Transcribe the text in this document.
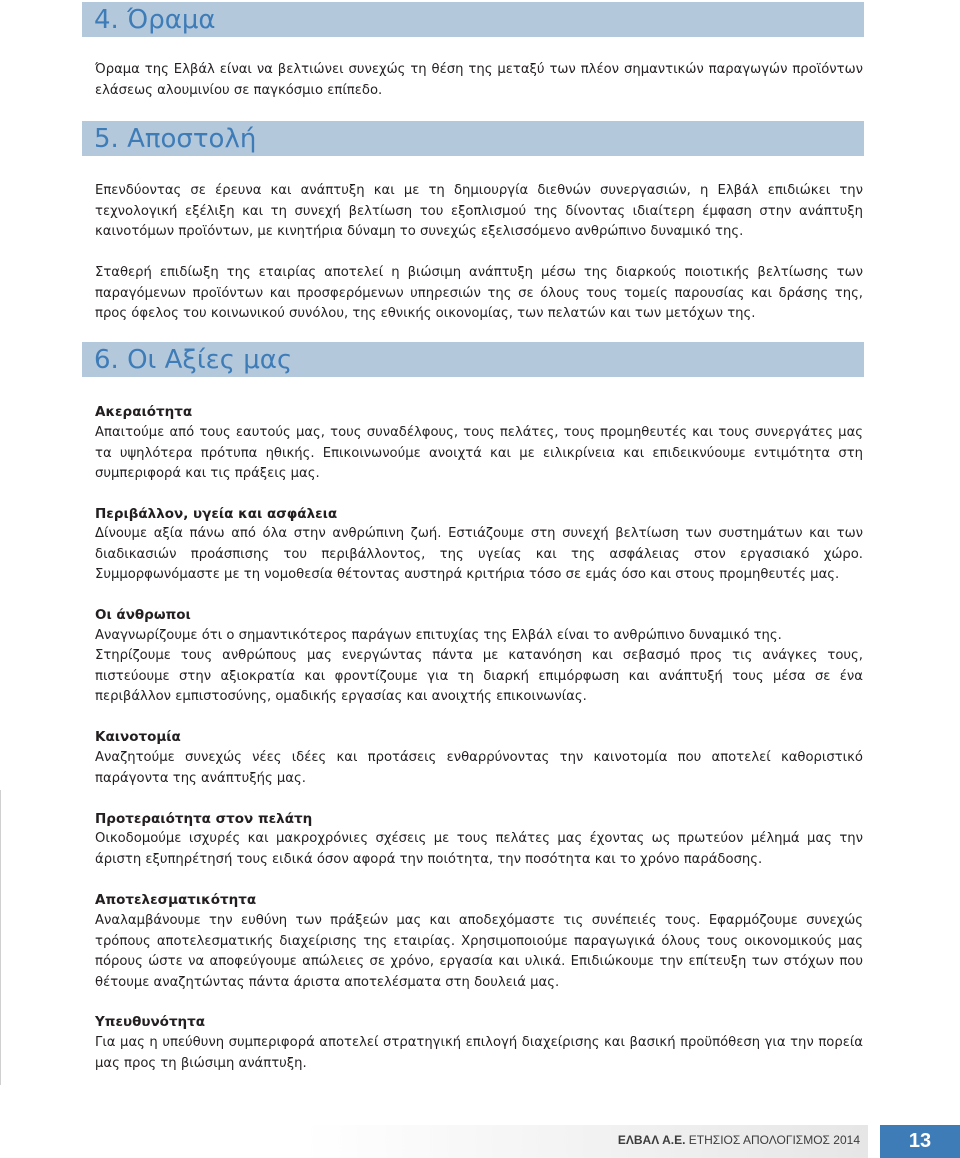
4. Όραμα

Όραμα της Ελβάλ είναι να βελτιώνει συνεχώς τη θέση της μεταξύ των πλέον σημαντικών παραγωγών προϊόντων ελάσεως αλουμινίου σε παγκόσμιο επίπεδο.

5. Αποστολή

Επενδύοντας σε έρευνα και ανάπτυξη και με τη δημιουργία διεθνών συνεργασιών, η Ελβάλ επιδιώκει την τεχνολογική εξέλιξη και τη συνεχή βελτίωση του εξοπλισμού της δίνοντας ιδιαίτερη έμφαση στην ανάπτυξη καινοτόμων προϊόντων, με κινητήρια δύναμη το συνεχώς εξελισσόμενο ανθρώπινο δυναμικό της.

Σταθερή επιδίωξη της εταιρίας αποτελεί η βιώσιμη ανάπτυξη μέσω της διαρκούς ποιοτικής βελτίωσης των παραγόμενων προϊόντων και προσφερόμενων υπηρεσιών της σε όλους τους τομείς παρουσίας και δράσης της, προς όφελος του κοινωνικού συνόλου, της εθνικής οικονομίας, των πελατών και των μετόχων της.

6. Οι Αξίες μας
Ακεραιότητα

Απαιτούμε από τους εαυτούς μας, τους συναδέλφους, τους πελάτες, τους προμηθευτές και τους συνεργάτες μας τα υψηλότερα πρότυπα ηθικής. Επικοινωνούμε ανοιχτά και με ειλικρίνεια και επιδεικνύουμε εντιμότητα στη συμπεριφορά και τις πράξεις μας.

Περιβάλλον, υγεία και ασφάλεια

Δίνουμε αξία πάνω από όλα στην ανθρώπινη ζωή. Εστιάζουμε στη συνεχή βελτίωση των συστημάτων και των διαδικασιών προάσπισης του περιβάλλοντος, της υγείας και της ασφάλειας στον εργασιακό χώρο. Συμμορφωνόμαστε με τη νομοθεσία θέτοντας αυστηρά κριτήρια τόσο σε εμάς όσο και στους προμηθευτές μας.

Οι άνθρωποι

Αναγνωρίζουμε ότι ο σημαντικότερος παράγων επιτυχίας της Ελβάλ είναι το ανθρώπινο δυναμικό της.

Στηρίζουμε τους ανθρώπους μας ενεργώντας πάντα με κατανόηση και σεβασμό προς τις ανάγκες τους, πιστεύουμε στην αξιοκρατία και φροντίζουμε για τη διαρκή επιμόρφωση και ανάπτυξή τους μέσα σε ένα περιβάλλον εμπιστοσύνης, ομαδικής εργασίας και ανοιχτής επικοινωνίας.

Καινοτομία

Αναζητούμε συνεχώς νέες ιδέες και προτάσεις ενθαρρύνοντας την καινοτομία που αποτελεί καθοριστικό παράγοντα της ανάπτυξής μας.

Προτεραιότητα στον πελάτη

Οικοδομούμε ισχυρές και μακροχρόνιες σχέσεις με τους πελάτες μας έχοντας ως πρωτεύον μέλημά μας την άριστη εξυπηρέτησή τους ειδικά όσον αφορά την ποιότητα, την ποσότητα και το χρόνο παράδοσης.

Αποτελεσματικότητα

Αναλαμβάνουμε την ευθύνη των πράξεών μας και αποδεχόμαστε τις συνέπειές τους. Εφαρμόζουμε συνεχώς τρόπους αποτελεσματικής διαχείρισης της εταιρίας. Χρησιμοποιούμε παραγωγικά όλους τους οικονομικούς μας πόρους ώστε να αποφεύγουμε απώλειες σε χρόνο, εργασία και υλικά. Επιδιώκουμε την επίτευξη των στόχων που θέτουμε αναζητώντας πάντα άριστα αποτελέσματα στη δουλειά μας.

Υπευθυνότητα

Για μας η υπεύθυνη συμπεριφορά αποτελεί στρατηγική επιλογή διαχείρισης και βασική προϋπόθεση για την πορεία μας προς τη βιώσιμη ανάπτυξη.

ΕΛΒΑΛ Α.Ε. ΕΤΗΣΙΟΣ ΑΠΟΛΟΓΙΣΜΟΣ 2014	13
